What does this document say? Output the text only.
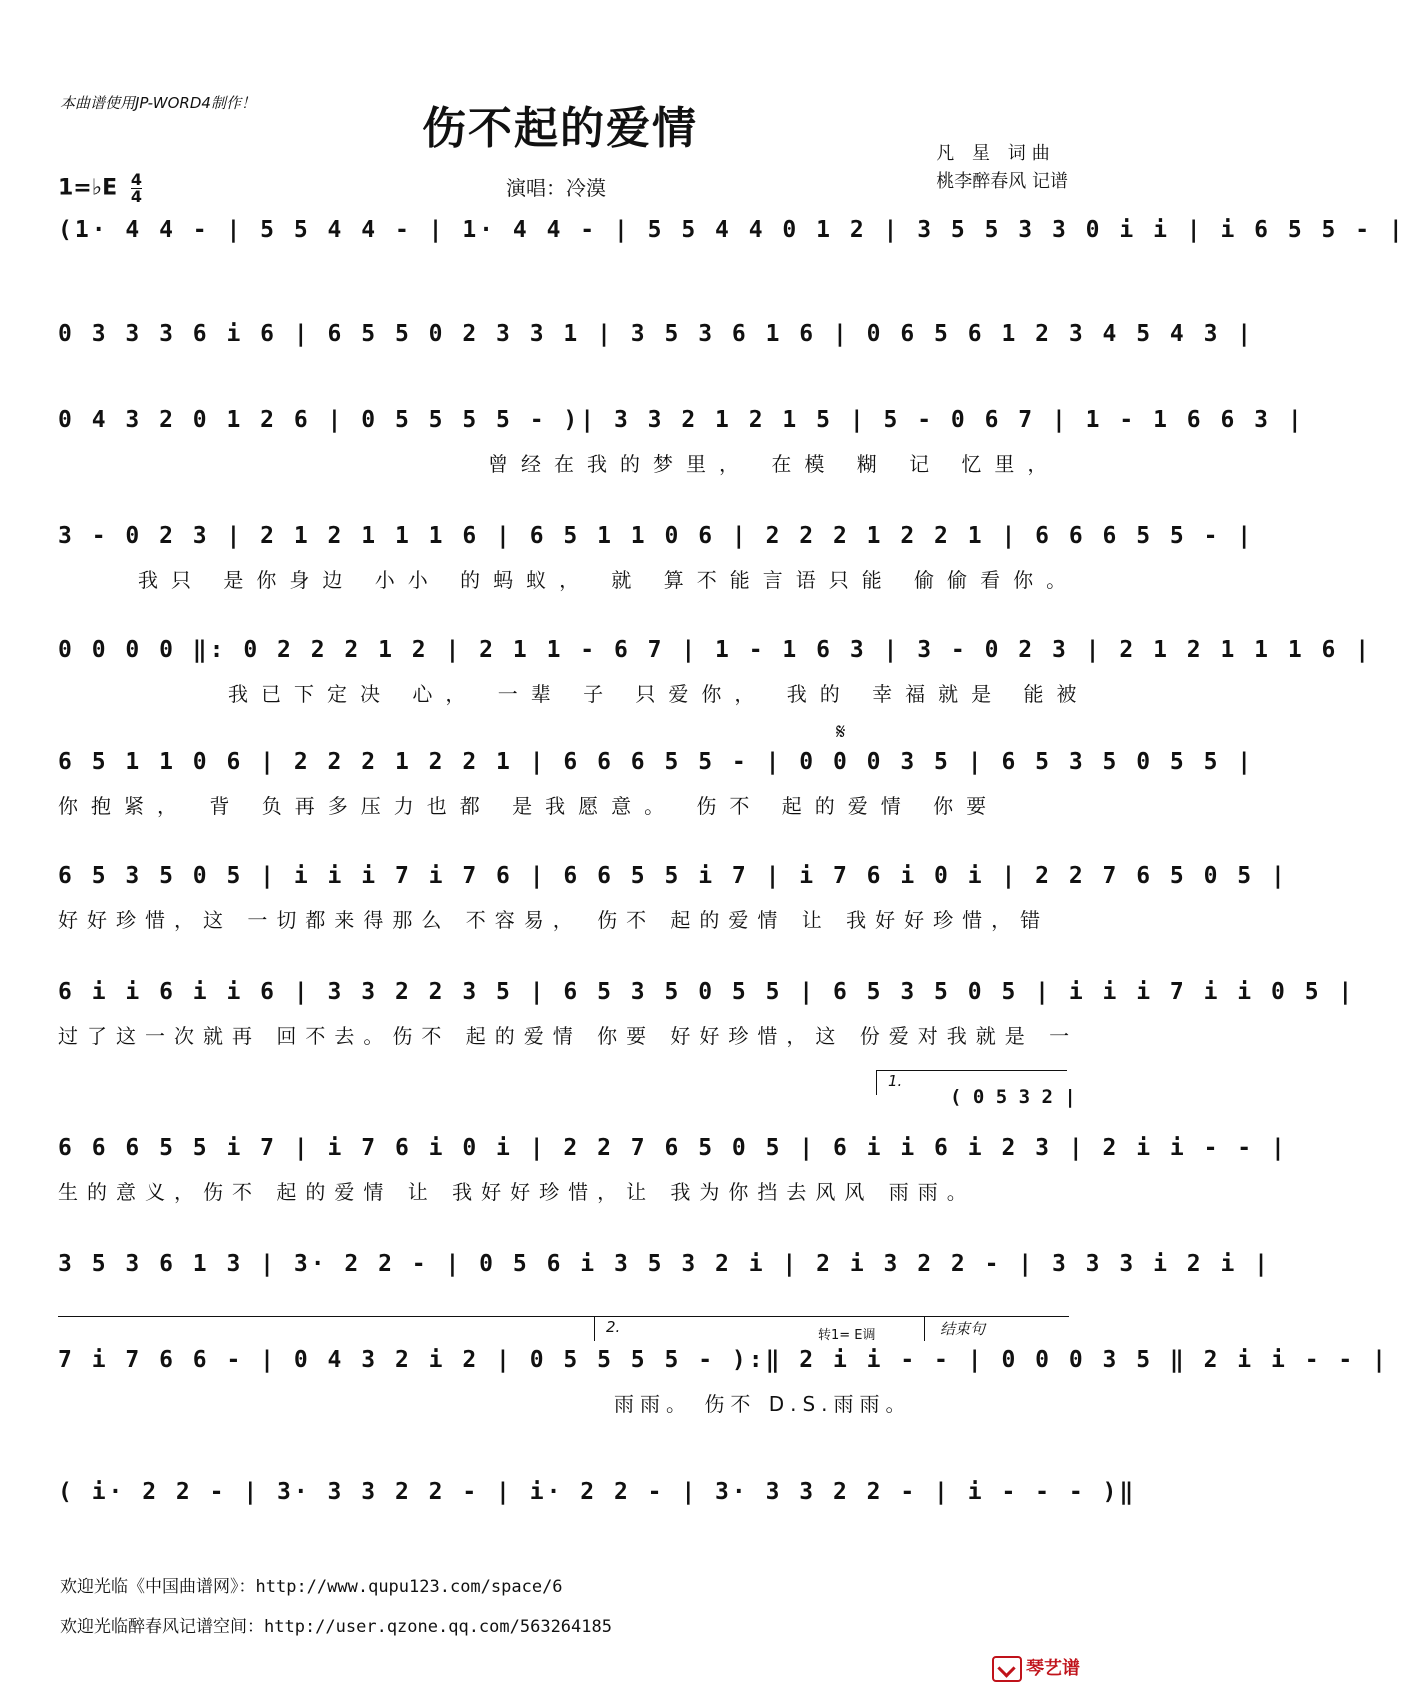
本曲谱使用JP-WORD4制作！	伤不起的爱情	凡 星 词曲
桃李醉春风 记谱
1=♭E $\frac{4}{4}$	演唱：冷漠
(1· 4 4 - | 5 5 4 4 - | 1· 4 4 - | 5 5 4 4 0 1 2 | 3 5 5 3 3 0 i i | i 6 5 5 - |
0 3 3 3 6 i 6 | 6 5 5 0 2 3 3 1 | 3 5 3 6 1 6 | 0 6 5 6 1 2 3 4 5 4 3 |
0 4 3 2 0 1 2 6 | 0 5 5 5 5 - )| 3 3 2 1 2 1 5 | 5 - 0 6 7 | 1 - 1 6 6 3 |
曾经在我的梦里， 在模 糊 记 忆里，
3 - 0 2 3 | 2 1 2 1 1 1 6 | 6 5 1 1 0 6 | 2 2 2 1 2 2 1 | 6 6 6 5 5 - |
我只 是你身边 小小 的蚂蚁， 就 算不能言语只能 偷偷看你。
0 0 0 0 ‖: 0 2 2 2 1 2 | 2 1 1 - 6 7 | 1 - 1 6 3 | 3 - 0 2 3 | 2 1 2 1 1 1 6 |
我已下定决 心， 一辈 子 只爱你， 我的 幸福就是 能被
𝄋
6 5 1 1 0 6 | 2 2 2 1 2 2 1 | 6 6 6 5 5 - | 0 0 0 3 5 | 6 5 3 5 0 5 5 |
你抱紧， 背 负再多压力也都 是我愿意。 伤不 起的爱情 你要
6 5 3 5 0 5 | i i i 7 i 7 6 | 6 6 5 5 i 7 | i 7 6 i 0 i | 2 2 7 6 5 0 5 |
好好珍惜，这 一切都来得那么 不容易， 伤不 起的爱情 让 我好好珍惜，错
6 i i 6 i i 6 | 3 3 2 2 3 5 | 6 5 3 5 0 5 5 | 6 5 3 5 0 5 | i i i 7 i i 0 5 |
过了这一次就再 回不去。伤不 起的爱情 你要 好好珍惜，这 份爱对我就是 一
1.
( 0 5 3 2 |
6 6 6 5 5 i 7 | i 7 6 i 0 i | 2 2 7 6 5 0 5 | 6 i i 6 i 2 3 | 2 i i - - |
生的意义，伤不 起的爱情 让 我好好珍惜，让 我为你挡去风风 雨雨。
3 5 3 6 1 3 | 3· 2 2 - | 0 5 6 i 3 5 3 2 i | 2 i 3 2 2 - | 3 3 3 i 2 i |
2.	转1= E调	结束句
7 i 7 6 6 - | 0 4 3 2 i 2 | 0 5 5 5 5 - ):‖ 2 i i - - | 0 0 0 3 5 ‖ 2 i i - - |
雨雨。 伤不 D.S.雨雨。
( i· 2 2 - | 3· 3 3 2 2 - | i· 2 2 - | 3· 3 3 2 2 - | i - - - )‖
欢迎光临《中国曲谱网》：http://www.qupu123.com/space/6
欢迎光临醉春风记谱空间：http://user.qzone.qq.com/563264185
琴艺谱
